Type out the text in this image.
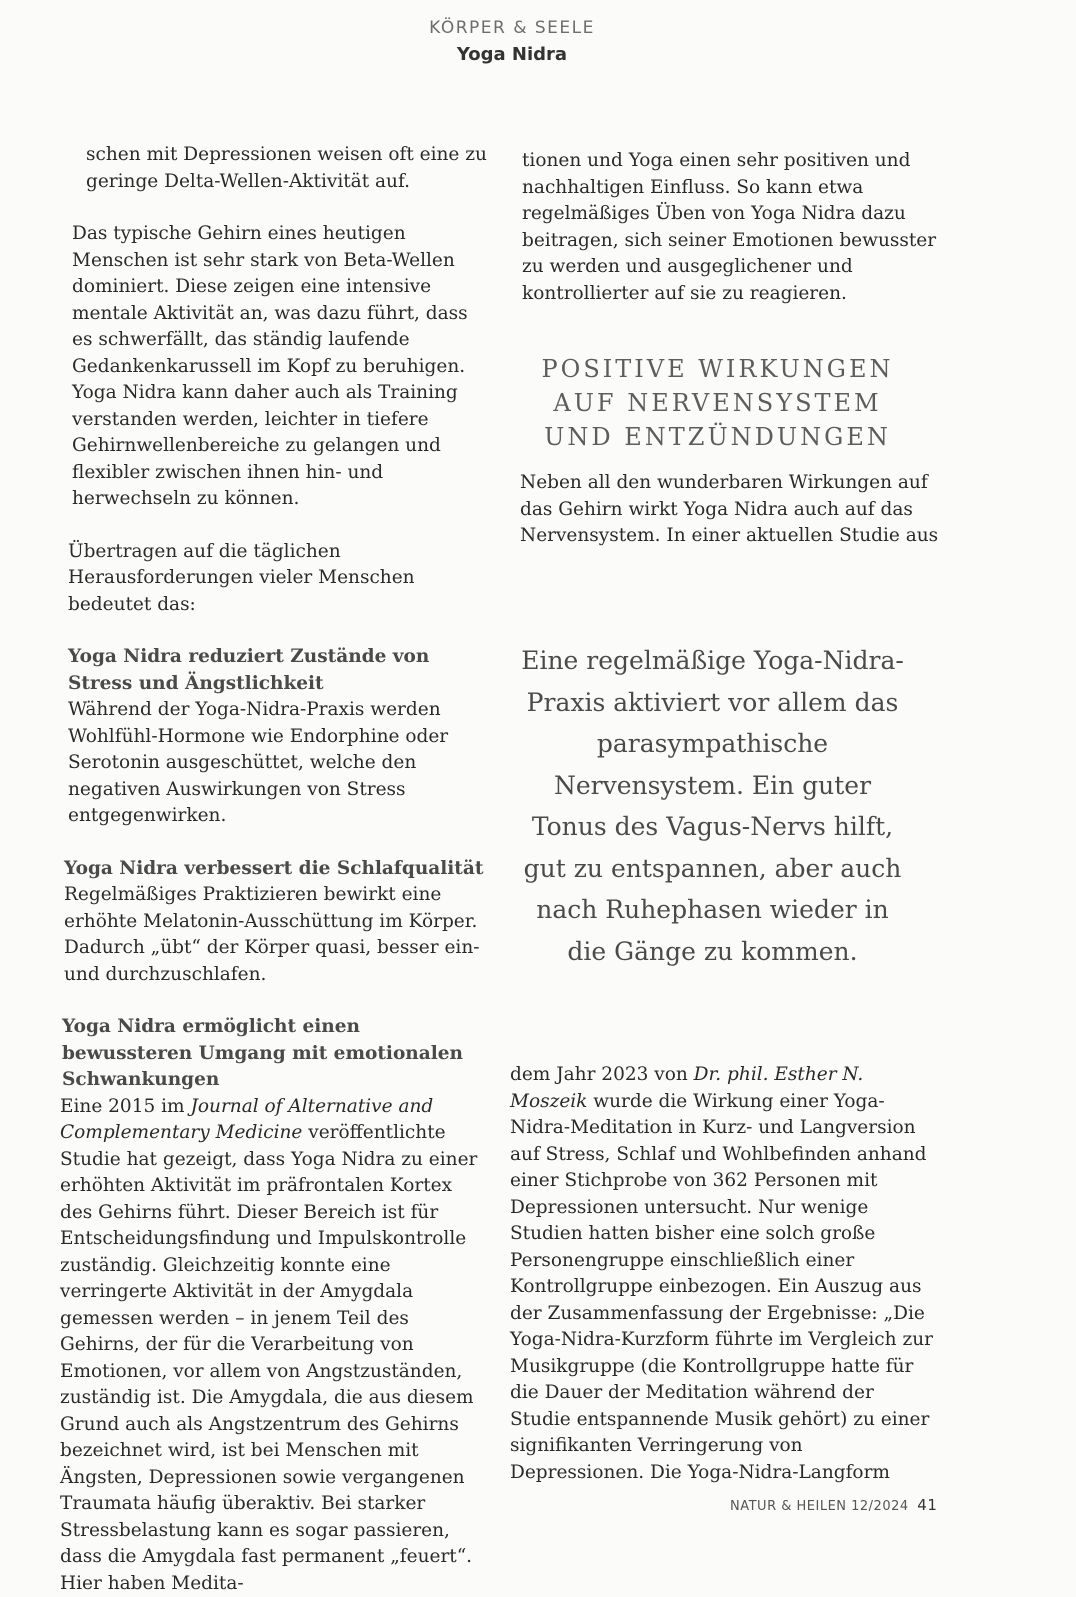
KÖRPER & SEELE
Yoga Nidra

schen mit Depressionen weisen oft eine zu geringe Delta-Wellen-Aktivität auf.

Das typische Gehirn eines heutigen Menschen ist sehr stark von Beta-Wellen dominiert. Diese zeigen eine intensive mentale Aktivität an, was dazu führt, dass es schwerfällt, das ständig laufende Gedankenkarussell im Kopf zu beruhigen. Yoga Nidra kann daher auch als Training verstanden werden, leichter in tiefere Gehirnwellenbereiche zu gelangen und flexibler zwischen ihnen hin- und herwechseln zu können.

Übertragen auf die täglichen Herausforderungen vieler Menschen bedeutet das:

Yoga Nidra reduziert Zustände von Stress und Ängstlichkeit

Während der Yoga-Nidra-Praxis werden Wohlfühl-Hormone wie Endorphine oder Serotonin ausgeschüttet, welche den negativen Auswirkungen von Stress entgegenwirken.

Yoga Nidra verbessert die Schlafqualität

Regelmäßiges Praktizieren bewirkt eine erhöhte Melatonin-Ausschüttung im Körper. Dadurch „übt“ der Körper quasi, besser ein- und durchzuschlafen.

Yoga Nidra ermöglicht einen bewussteren Umgang mit emotionalen Schwankungen

Eine 2015 im Journal of Alternative and Complementary Medicine veröffentlichte Studie hat gezeigt, dass Yoga Nidra zu einer erhöhten Aktivität im präfrontalen Kortex des Gehirns führt. Dieser Bereich ist für Entscheidungsfindung und Impulskontrolle zuständig. Gleichzeitig konnte eine verringerte Aktivität in der Amygdala gemessen werden – in jenem Teil des Gehirns, der für die Verarbeitung von Emotionen, vor allem von Angstzuständen, zuständig ist. Die Amygdala, die aus diesem Grund auch als Angstzentrum des Gehirns bezeichnet wird, ist bei Menschen mit Ängsten, Depressionen sowie vergangenen Traumata häufig überaktiv. Bei starker Stressbelastung kann es sogar passieren, dass die Amygdala fast permanent „feuert“. Hier haben Medita-

tionen und Yoga einen sehr positiven und nachhaltigen Einfluss. So kann etwa regelmäßiges Üben von Yoga Nidra dazu beitragen, sich seiner Emotionen bewusster zu werden und ausgeglichener und kontrollierter auf sie zu reagieren.

POSITIVE WIRKUNGEN AUF NERVENSYSTEM UND ENTZÜNDUNGEN

Neben all den wunderbaren Wirkungen auf das Gehirn wirkt Yoga Nidra auch auf das Nervensystem. In einer aktuellen Studie aus

Eine regelmäßige Yoga-Nidra-Praxis aktiviert vor allem das parasympathische Nervensystem. Ein guter Tonus des Vagus-Nervs hilft, gut zu entspannen, aber auch nach Ruhephasen wieder in die Gänge zu kommen.

dem Jahr 2023 von Dr. phil. Esther N. Moszeik wurde die Wirkung einer Yoga-Nidra-Meditation in Kurz- und Langversion auf Stress, Schlaf und Wohlbefinden anhand einer Stichprobe von 362 Personen mit Depressionen untersucht. Nur wenige Studien hatten bisher eine solch große Personengruppe einschließlich einer Kontrollgruppe einbezogen. Ein Auszug aus der Zusammenfassung der Ergebnisse: „Die Yoga-Nidra-Kurzform führte im Vergleich zur Musikgruppe (die Kontrollgruppe hatte für die Dauer der Meditation während der Studie entspannende Musik gehört) zu einer signifikanten Verringerung von Depressionen. Die Yoga-Nidra-Langform

NATUR & HEILEN 12/2024 41
